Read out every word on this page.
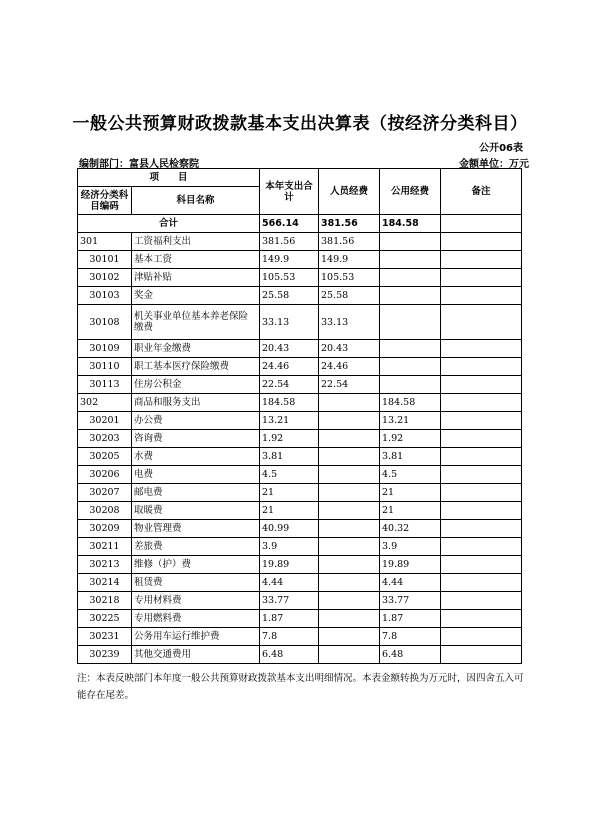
一般公共预算财政拨款基本支出决算表（按经济分类科目）
公开06表
编制部门：富县人民检察院	金额单位：万元
项　　目		本年支出合计	人员经费	公用经费	备注
经济分类科目编码	科目名称				
合计		566.14	381.56	184.58	
301	工资福利支出	381.56	381.56		
30101	基本工资	149.9	149.9		
30102	津贴补贴	105.53	105.53		
30103	奖金	25.58	25.58		
30108	机关事业单位基本养老保险缴费	33.13	33.13		
30109	职业年金缴费	20.43	20.43		
30110	职工基本医疗保险缴费	24.46	24.46		
30113	住房公积金	22.54	22.54		
302	商品和服务支出	184.58		184.58	
30201	办公费	13.21		13.21	
30203	咨询费	1.92		1.92	
30205	水费	3.81		3.81	
30206	电费	4.5		4.5	
30207	邮电费	21		21	
30208	取暖费	21		21	
30209	物业管理费	40.99		40.32	
30211	差旅费	3.9		3.9	
30213	维修（护）费	19.89		19.89	
30214	租赁费	4.44		4.44	
30218	专用材料费	33.77		33.77	
30225	专用燃料费	1.87		1.87	
30231	公务用车运行维护费	7.8		7.8	
30239	其他交通费用	6.48		6.48	
注：本表反映部门本年度一般公共预算财政拨款基本支出明细情况。本表金额转换为万元时，因四舍五入可能存在尾差。
